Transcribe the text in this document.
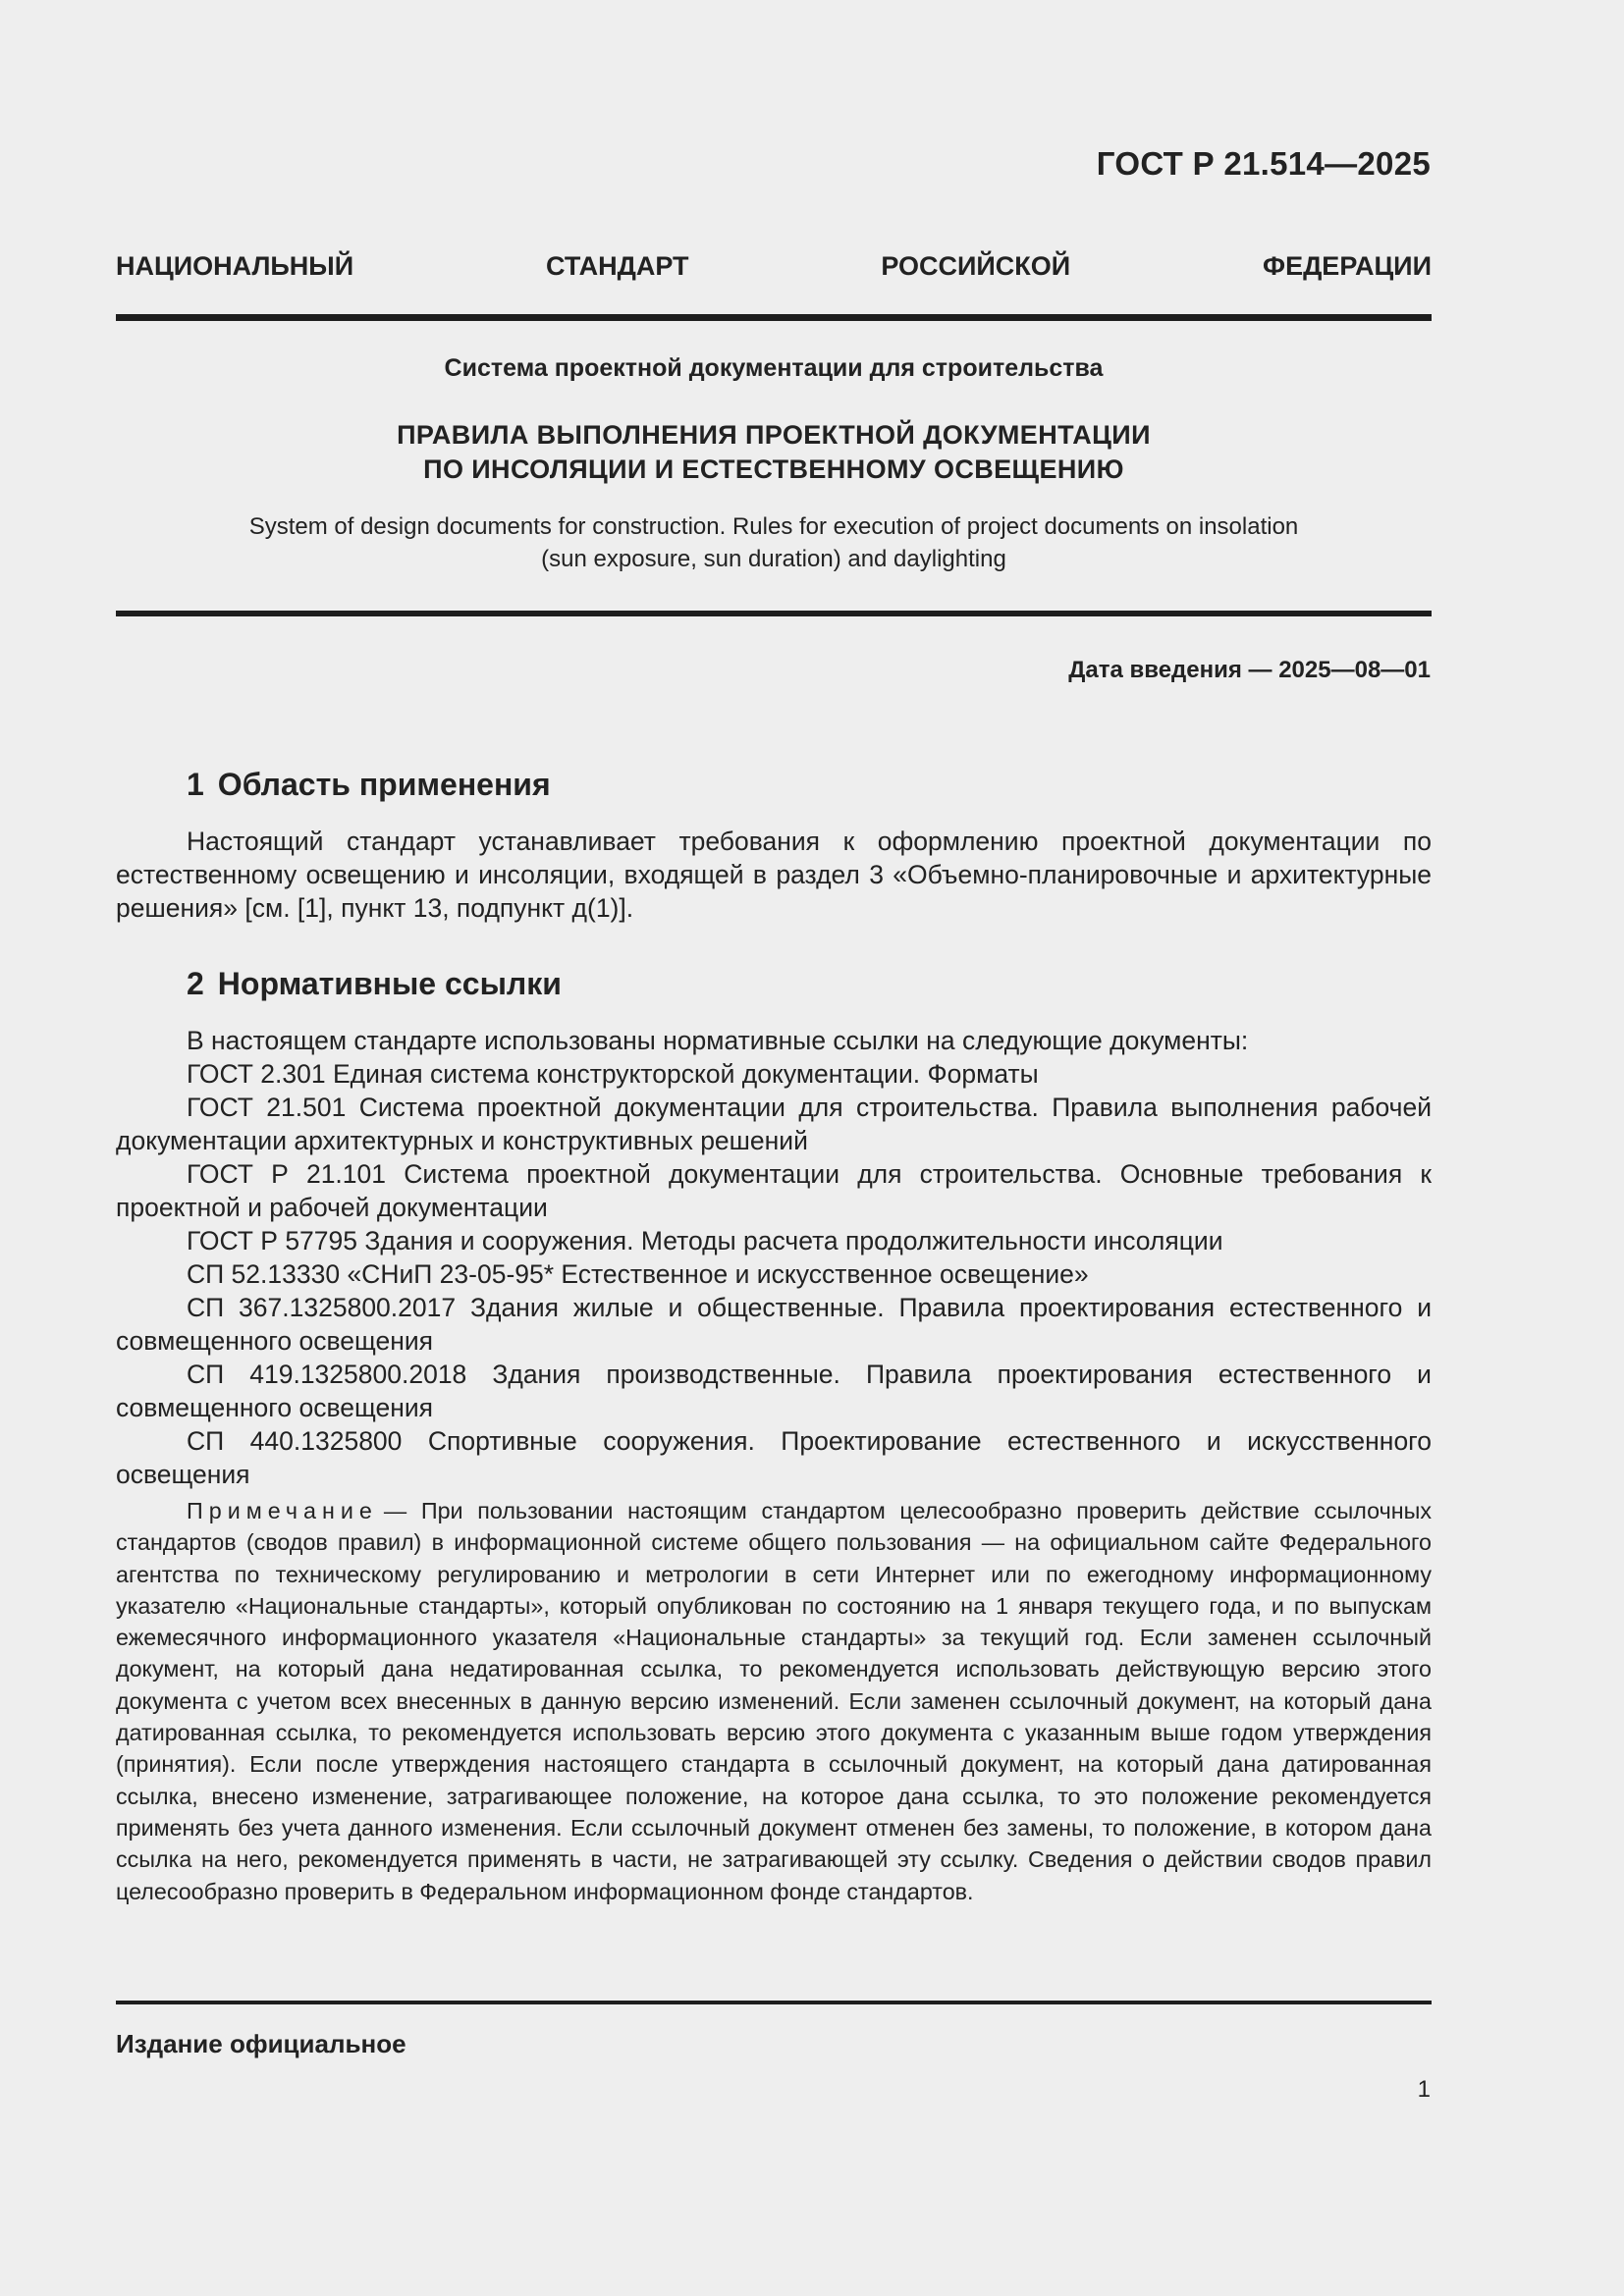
ГОСТ Р 21.514—2025
НАЦИОНАЛЬНЫЙ СТАНДАРТ РОССИЙСКОЙ ФЕДЕРАЦИИ
Система проектной документации для строительства
ПРАВИЛА ВЫПОЛНЕНИЯ ПРОЕКТНОЙ ДОКУМЕНТАЦИИ
ПО ИНСОЛЯЦИИ И ЕСТЕСТВЕННОМУ ОСВЕЩЕНИЮ
System of design documents for construction. Rules for execution of project documents on insolation
(sun exposure, sun duration) and daylighting
Дата введения — 2025—08—01
1 Область применения

Настоящий стандарт устанавливает требования к оформлению проектной документации по естественному освещению и инсоляции, входящей в раздел 3 «Объемно-планировочные и архитектурные решения» [см. [1], пункт 13, подпункт д(1)].

2 Нормативные ссылки

В настоящем стандарте использованы нормативные ссылки на следующие документы:

ГОСТ 2.301 Единая система конструкторской документации. Форматы

ГОСТ 21.501 Система проектной документации для строительства. Правила выполнения рабочей документации архитектурных и конструктивных решений

ГОСТ Р 21.101 Система проектной документации для строительства. Основные требования к проектной и рабочей документации

ГОСТ Р 57795 Здания и сооружения. Методы расчета продолжительности инсоляции

СП 52.13330 «СНиП 23-05-95* Естественное и искусственное освещение»

СП 367.1325800.2017 Здания жилые и общественные. Правила проектирования естественного и совмещенного освещения

СП 419.1325800.2018 Здания производственные. Правила проектирования естественного и совмещенного освещения

СП 440.1325800 Спортивные сооружения. Проектирование естественного и искусственного освещения

Примечание — При пользовании настоящим стандартом целесообразно проверить действие ссылочных стандартов (сводов правил) в информационной системе общего пользования — на официальном сайте Федерального агентства по техническому регулированию и метрологии в сети Интернет или по ежегодному информационному указателю «Национальные стандарты», который опубликован по состоянию на 1 января текущего года, и по выпускам ежемесячного информационного указателя «Национальные стандарты» за текущий год. Если заменен ссылочный документ, на который дана недатированная ссылка, то рекомендуется использовать действующую версию этого документа с учетом всех внесенных в данную версию изменений. Если заменен ссылочный документ, на который дана датированная ссылка, то рекомендуется использовать версию этого документа с указанным выше годом утверждения (принятия). Если после утверждения настоящего стандарта в ссылочный документ, на который дана датированная ссылка, внесено изменение, затрагивающее положение, на которое дана ссылка, то это положение рекомендуется применять без учета данного изменения. Если ссылочный документ отменен без замены, то положение, в котором дана ссылка на него, рекомендуется применять в части, не затрагивающей эту ссылку. Сведения о действии сводов правил целесообразно проверить в Федеральном информационном фонде стандартов.

Издание официальное
1
